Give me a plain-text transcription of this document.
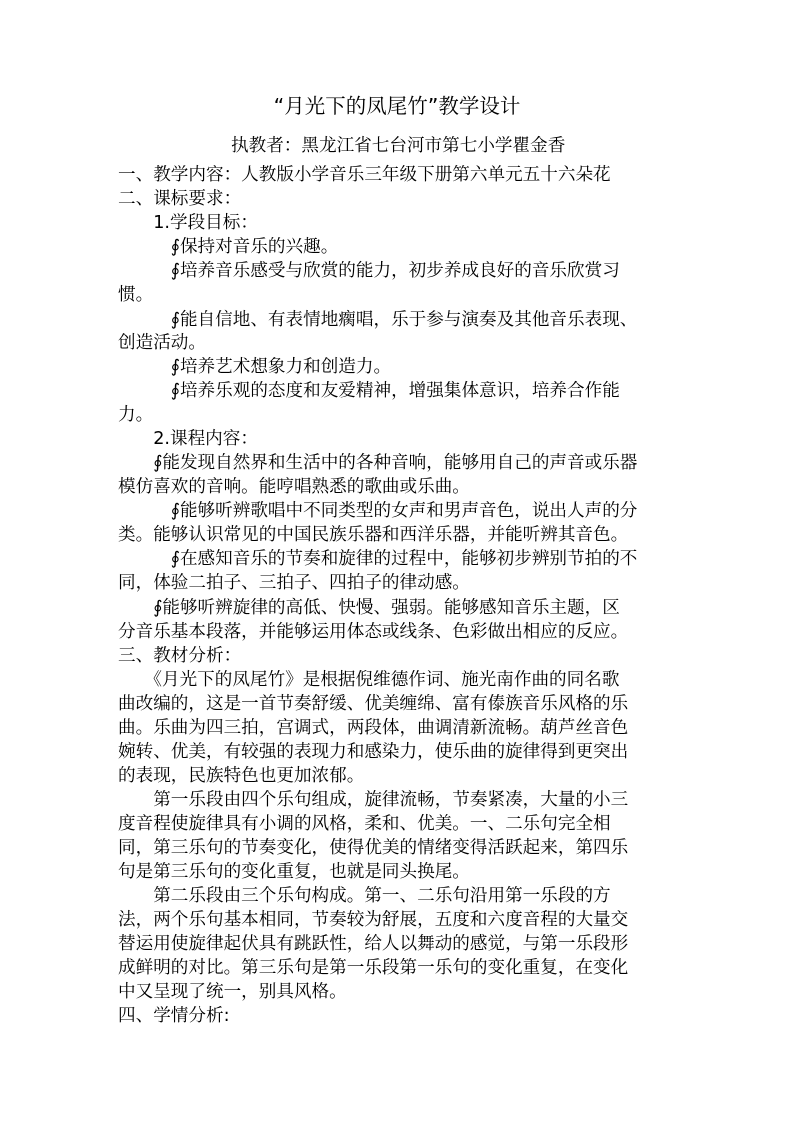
“月光下的凤尾竹”教学设计
执教者：黑龙江省七台河市第七小学瞿金香
一、教学内容：人教版小学音乐三年级下册第六单元五十六朵花
二、课标要求：
　　1.学段目标：
　　　∮保持对音乐的兴趣。
　　　∮培养音乐感受与欣赏的能力，初步养成良好的音乐欣赏习
惯。
　　　∮能自信地、有表情地瘸唱，乐于参与演奏及其他音乐表现、
创造活动。
　　　∮培养艺术想象力和创造力。
　　　∮培养乐观的态度和友爱精神，增强集体意识，培养合作能
力。
　　2.课程内容：
　　∮能发现自然界和生活中的各种音响，能够用自己的声音或乐器
模仿喜欢的音响。能哼唱熟悉的歌曲或乐曲。
　　　∮能够听辨歌唱中不同类型的女声和男声音色，说出人声的分
类。能够认识常见的中国民族乐器和西洋乐器，并能听辨其音色。
　　　∮在感知音乐的节奏和旋律的过程中，能够初步辨别节拍的不
同，体验二拍子、三拍子、四拍子的律动感。
　　∮能够听辨旋律的高低、快慢、强弱。能够感知音乐主题，区
分音乐基本段落，并能够运用体态或线条、色彩做出相应的反应。
三、教材分析：
　　《月光下的凤尾竹》是根据倪维德作词、施光南作曲的同名歌
曲改编的，这是一首节奏舒缓、优美缠绵、富有傣族音乐风格的乐
曲。乐曲为四三拍，宫调式，两段体，曲调清新流畅。葫芦丝音色
婉转、优美，有较强的表现力和感染力，使乐曲的旋律得到更突出
的表现，民族特色也更加浓郁。
　　第一乐段由四个乐句组成，旋律流畅，节奏紧凑，大量的小三
度音程使旋律具有小调的风格，柔和、优美。一、二乐句完全相
同，第三乐句的节奏变化，使得优美的情绪变得活跃起来，第四乐
句是第三乐句的变化重复，也就是同头换尾。
　　第二乐段由三个乐句构成。第一、二乐句沿用第一乐段的方
法，两个乐句基本相同，节奏较为舒展，五度和六度音程的大量交
替运用使旋律起伏具有跳跃性，给人以舞动的感觉，与第一乐段形
成鲜明的对比。第三乐句是第一乐段第一乐句的变化重复，在变化
中又呈现了统一，别具风格。
四、学情分析:
